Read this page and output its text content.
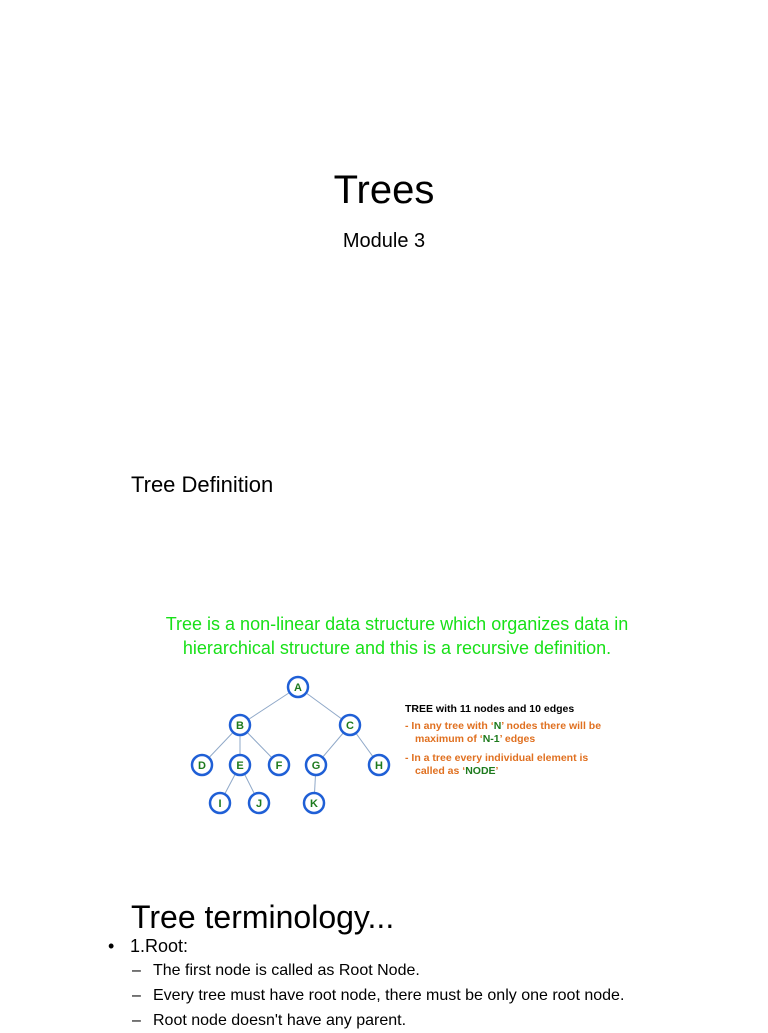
Trees
Module 3
Tree Definition
Tree is a non-linear data structure which organizes data in
hierarchical structure and this is a recursive definition.
A
B	C
D	E	F	G	H
I	J	K
TREE with 11 nodes and 10 edges
- In any tree with ‘N’ nodes there will be maximum of ‘N-1’ edges
- In a tree every individual element is called as ‘NODE’
Tree terminology...
• 1.Root:
– The first node is called as Root Node.
– Every tree must have root node, there must be only one root node.
– Root node doesn't have any parent.
